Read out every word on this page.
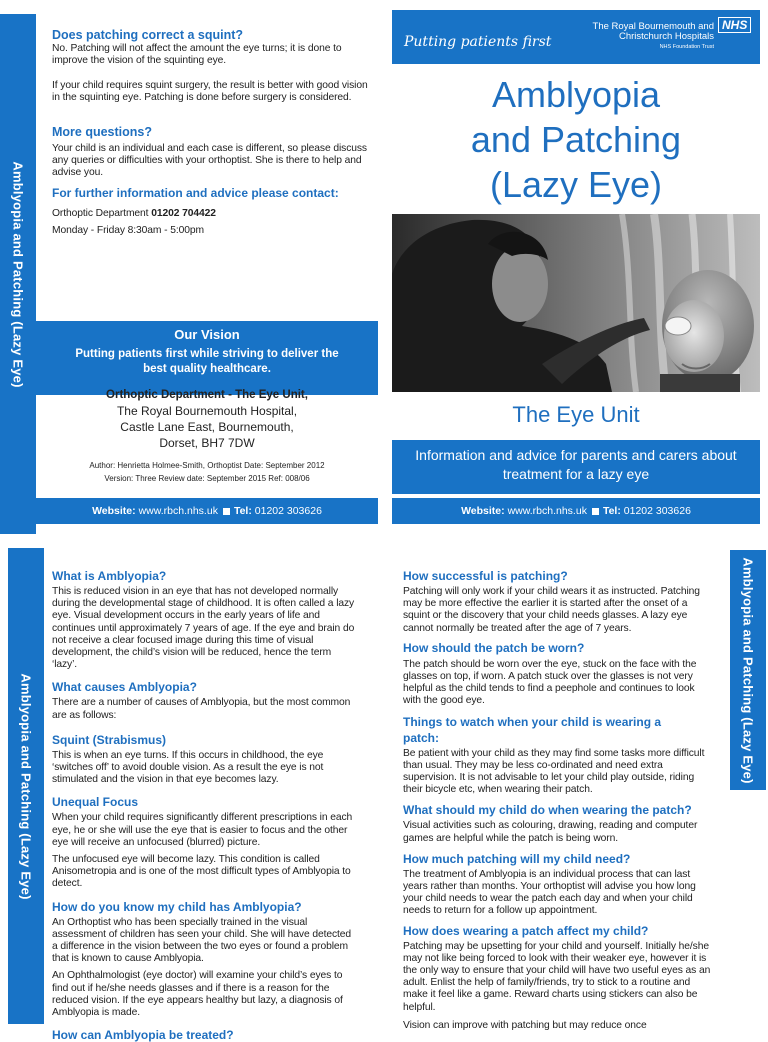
Amblyopia and Patching (Lazy Eye)
Does patching correct a squint?
No. Patching will not affect the amount the eye turns; it is done to improve the vision of the squinting eye.
If your child requires squint surgery, the result is better with good vision in the squinting eye. Patching is done before surgery is considered.
More questions?
Your child is an individual and each case is different, so please discuss any queries or difficulties with your orthoptist. She is there to help and advise you.
For further information and advice please contact:
Orthoptic Department 01202 704422
Monday - Friday 8:30am - 5:00pm
Our Vision
Putting patients first while striving to deliver the best quality healthcare.
Orthoptic Department - The Eye Unit,
The Royal Bournemouth Hospital,
Castle Lane East, Bournemouth,
Dorset, BH7 7DW
Author: Henrietta Holmee-Smith, Orthoptist Date: September 2012
Version: Three Review date: September 2015 Ref: 008/06
Website:
www.rbch.nhs.uk Tel:
01202 303626
Putting patients first
The Royal Bournemouth and
Christchurch Hospitals
NHS Foundation Trust
NHS
Amblyopia
and Patching
(Lazy Eye)
The Eye Unit
Information and advice for parents and carers about treatment for a lazy eye
Website:
www.rbch.nhs.uk Tel:
01202 303626
Amblyopia and Patching (Lazy Eye)
Amblyopia and Patching (Lazy Eye)
What is Amblyopia?
This is reduced vision in an eye that has not developed normally during the developmental stage of childhood. It is often called a lazy eye. Visual development occurs in the early years of life and continues until approximately 7 years of age. If the eye and brain do not receive a clear focused image during this time of visual development, the child’s vision will be reduced, hence the term ‘lazy’.
What causes Amblyopia?
There are a number of causes of Amblyopia, but the most common are as follows:
Squint (Strabismus)
This is when an eye turns. If this occurs in childhood, the eye ‘switches off’ to avoid double vision. As a result the eye is not stimulated and the vision in that eye becomes lazy.
Unequal Focus
When your child requires significantly different prescriptions in each eye, he or she will use the eye that is easier to focus and the other eye will receive an unfocused (blurred) picture.
The unfocused eye will become lazy. This condition is called Anisometropia and is one of the most difficult types of Amblyopia to detect.
How do you know my child has Amblyopia?
An Orthoptist who has been specially trained in the visual assessment of children has seen your child. She will have detected a difference in the vision between the two eyes or found a problem that is known to cause Amblyopia.
An Ophthalmologist (eye doctor) will examine your child’s eyes to find out if he/she needs glasses and if there is a reason for the reduced vision. If the eye appears healthy but lazy, a diagnosis of Amblyopia is made.
How can Amblyopia be treated?
How successful is patching?
Patching will only work if your child wears it as instructed. Patching may be more effective the earlier it is started after the onset of a squint or the discovery that your child needs glasses. A lazy eye cannot normally be treated after the age of 7 years.
How should the patch be worn?
The patch should be worn over the eye, stuck on the face with the glasses on top, if worn. A patch stuck over the glasses is not very helpful as the child tends to find a peephole and continues to look with the good eye.
Things to watch when your child is wearing a patch:
Be patient with your child as they may find some tasks more difficult than usual. They may be less co-ordinated and need extra supervision. It is not advisable to let your child play outside, riding their bicycle etc, when wearing their patch.
What should my child do when wearing the patch?
Visual activities such as colouring, drawing, reading and computer games are helpful while the patch is being worn.
How much patching will my child need?
The treatment of Amblyopia is an individual process that can last years rather than months. Your orthoptist will advise you how long your child needs to wear the patch each day and when your child needs to return for a follow up appointment.
How does wearing a patch affect my child?
Patching may be upsetting for your child and yourself. Initially he/she may not like being forced to look with their weaker eye, however it is the only way to ensure that your child will have two useful eyes as an adult. Enlist the help of family/friends, try to stick to a routine and make it feel like a game. Reward charts using stickers can also be helpful.
Vision can improve with patching but may reduce once
